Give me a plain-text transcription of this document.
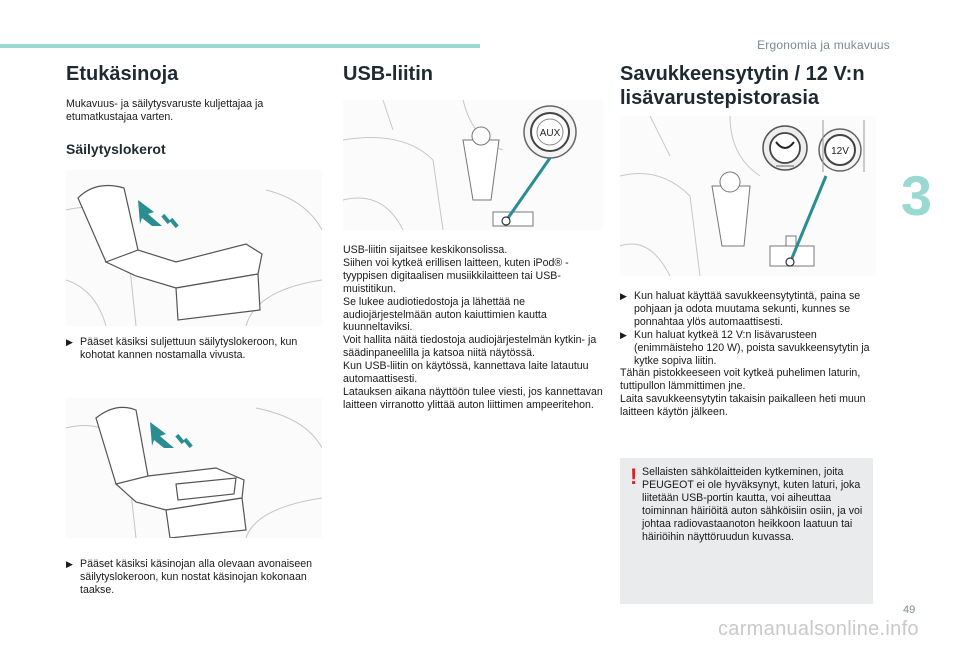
Ergonomia ja mukavuus
3
Etukäsinoja

Mukavuus- ja säilytysvaruste kuljettajaa ja etumatkustajaa varten.

Säilytyslokerot
▶ Pääset käsiksi suljettuun säilytyslokeroon, kun kohotat kannen nostamalla vivusta.
▶ Pääset käsiksi käsinojan alla olevaan avonaiseen säilytyslokeroon, kun nostat käsinojan kokonaan taakse.
USB-liitin
AUX

USB-liitin sijaitsee keskikonsolissa.
Siihen voi kytkeä erillisen laitteen, kuten iPod® -tyyppisen digitaalisen musiikkilaitteen tai USB-muistitikun.
Se lukee audiotiedostoja ja lähettää ne audiojärjestelmään auton kaiuttimien kautta kuunneltaviksi.
Voit hallita näitä tiedostoja audiojärjestelmän kytkin- ja säädinpaneelilla ja katsoa niitä näytössä.
Kun USB-liitin on käytössä, kannettava laite latautuu automaattisesti.
Latauksen aikana näyttöön tulee viesti, jos kannettavan laitteen virranotto ylittää auton liittimen ampeeritehon.

Savukkeensytytin / 12 V:n lisävarustepistorasia
12V
▶ Kun haluat käyttää savukkeensytytintä, paina se pohjaan ja odota muutama sekunti, kunnes se ponnahtaa ylös automaattisesti.
▶ Kun haluat kytkeä 12 V:n lisävarusteen (enimmäisteho 120 W), poista savukkeensytytin ja kytke sopiva liitin.

Tähän pistokkeeseen voit kytkeä puhelimen laturin, tuttipullon lämmittimen jne.
Laita savukkeensytytin takaisin paikalleen heti muun laitteen käytön jälkeen.

! Sellaisten sähkölaitteiden kytkeminen, joita PEUGEOT ei ole hyväksynyt, kuten laturi, joka liitetään USB-portin kautta, voi aiheuttaa toiminnan häiriöitä auton sähköisiin osiin, ja voi johtaa radiovastaanoton heikkoon laatuun tai häiriöihin näyttöruudun kuvassa.

49
carmanualsonline.info
